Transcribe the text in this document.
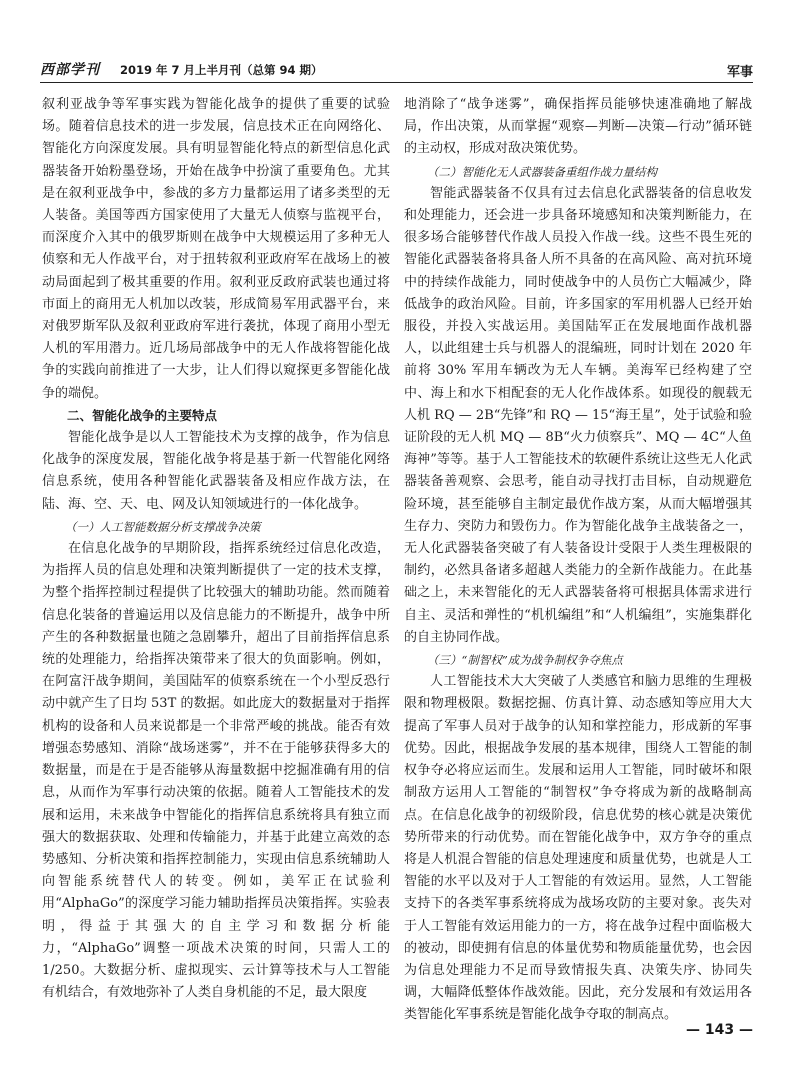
西部学刊 2019 年 7 月上半月刊（总第 94 期）	军事

叙利亚战争等军事实践为智能化战争的提供了重要的试验场。随着信息技术的进一步发展，信息技术正在向网络化、智能化方向深度发展。具有明显智能化特点的新型信息化武器装备开始粉墨登场，开始在战争中扮演了重要角色。尤其是在叙利亚战争中，参战的多方力量都运用了诸多类型的无人装备。美国等西方国家使用了大量无人侦察与监视平台，而深度介入其中的俄罗斯则在战争中大规模运用了多种无人侦察和无人作战平台，对于扭转叙利亚政府军在战场上的被动局面起到了极其重要的作用。叙利亚反政府武装也通过将市面上的商用无人机加以改装，形成简易军用武器平台，来对俄罗斯军队及叙利亚政府军进行袭扰，体现了商用小型无人机的军用潜力。近几场局部战争中的无人作战将智能化战争的实践向前推进了一大步，让人们得以窥探更多智能化战争的端倪。

二、智能化战争的主要特点

智能化战争是以人工智能技术为支撑的战争，作为信息化战争的深度发展，智能化战争将是基于新一代智能化网络信息系统，使用各种智能化武器装备及相应作战方法，在陆、海、空、天、电、网及认知领域进行的一体化战争。

（一）人工智能数据分析支撑战争决策

在信息化战争的早期阶段，指挥系统经过信息化改造，为指挥人员的信息处理和决策判断提供了一定的技术支撑，为整个指挥控制过程提供了比较强大的辅助功能。然而随着信息化装备的普遍运用以及信息能力的不断提升，战争中所产生的各种数据量也随之急剧攀升，超出了目前指挥信息系统的处理能力，给指挥决策带来了很大的负面影响。例如，在阿富汗战争期间，美国陆军的侦察系统在一个小型反恐行动中就产生了日均 53T 的数据。如此庞大的数据量对于指挥机构的设备和人员来说都是一个非常严峻的挑战。能否有效增强态势感知、消除“战场迷雾”，并不在于能够获得多大的数据量，而是在于是否能够从海量数据中挖掘准确有用的信息，从而作为军事行动决策的依据。随着人工智能技术的发展和运用，未来战争中智能化的指挥信息系统将具有独立而强大的数据获取、处理和传输能力，并基于此建立高效的态势感知、分析决策和指挥控制能力，实现由信息系统辅助人向智能系统替代人的转变。例如，美军正在试验利用“AlphaGo”的深度学习能力辅助指挥员决策指挥。实验表明，得益于其强大的自主学习和数据分析能力，“AlphaGo”调整一项战术决策的时间，只需人工的 1/250。大数据分析、虚拟现实、云计算等技术与人工智能有机结合，有效地弥补了人类自身机能的不足，最大限度

地消除了“战争迷雾”，确保指挥员能够快速准确地了解战局，作出决策，从而掌握“观察—判断—决策—行动”循环链的主动权，形成对敌决策优势。

（二）智能化无人武器装备重组作战力量结构

智能武器装备不仅具有过去信息化武器装备的信息收发和处理能力，还会进一步具备环境感知和决策判断能力，在很多场合能够替代作战人员投入作战一线。这些不畏生死的智能化武器装备将具备人所不具备的在高风险、高对抗环境中的持续作战能力，同时使战争中的人员伤亡大幅减少，降低战争的政治风险。目前，许多国家的军用机器人已经开始服役，并投入实战运用。美国陆军正在发展地面作战机器人，以此组建士兵与机器人的混编班，同时计划在 2020 年前将 30% 军用车辆改为无人车辆。美海军已经构建了空中、海上和水下相配套的无人化作战体系。如现役的舰载无人机 RQ — 2B“先锋”和 RQ — 15“海王星”，处于试验和验证阶段的无人机 MQ — 8B“火力侦察兵”、MQ — 4C“人鱼海神”等等。基于人工智能技术的软硬件系统让这些无人化武器装备善观察、会思考，能自动寻找打击目标，自动规避危险环境，甚至能够自主制定最优作战方案，从而大幅增强其生存力、突防力和毁伤力。作为智能化战争主战装备之一，无人化武器装备突破了有人装备设计受限于人类生理极限的制约，必然具备诸多超越人类能力的全新作战能力。在此基础之上，未来智能化的无人武器装备将可根据具体需求进行自主、灵活和弹性的“机机编组”和“人机编组”，实施集群化的自主协同作战。

（三）“制智权”成为战争制权争夺焦点

人工智能技术大大突破了人类感官和脑力思维的生理极限和物理极限。数据挖掘、仿真计算、动态感知等应用大大提高了军事人员对于战争的认知和掌控能力，形成新的军事优势。因此，根据战争发展的基本规律，围绕人工智能的制权争夺必将应运而生。发展和运用人工智能，同时破坏和限制敌方运用人工智能的“制智权”争夺将成为新的战略制高点。在信息化战争的初级阶段，信息优势的核心就是决策优势所带来的行动优势。而在智能化战争中，双方争夺的重点将是人机混合智能的信息处理速度和质量优势，也就是人工智能的水平以及对于人工智能的有效运用。显然，人工智能支持下的各类军事系统将成为战场攻防的主要对象。丧失对于人工智能有效运用能力的一方，将在战争过程中面临极大的被动，即使拥有信息的体量优势和物质能量优势，也会因为信息处理能力不足而导致情报失真、决策失序、协同失调，大幅降低整体作战效能。因此，充分发展和有效运用各类智能化军事系统是智能化战争夺取的制高点。

— 143 —
